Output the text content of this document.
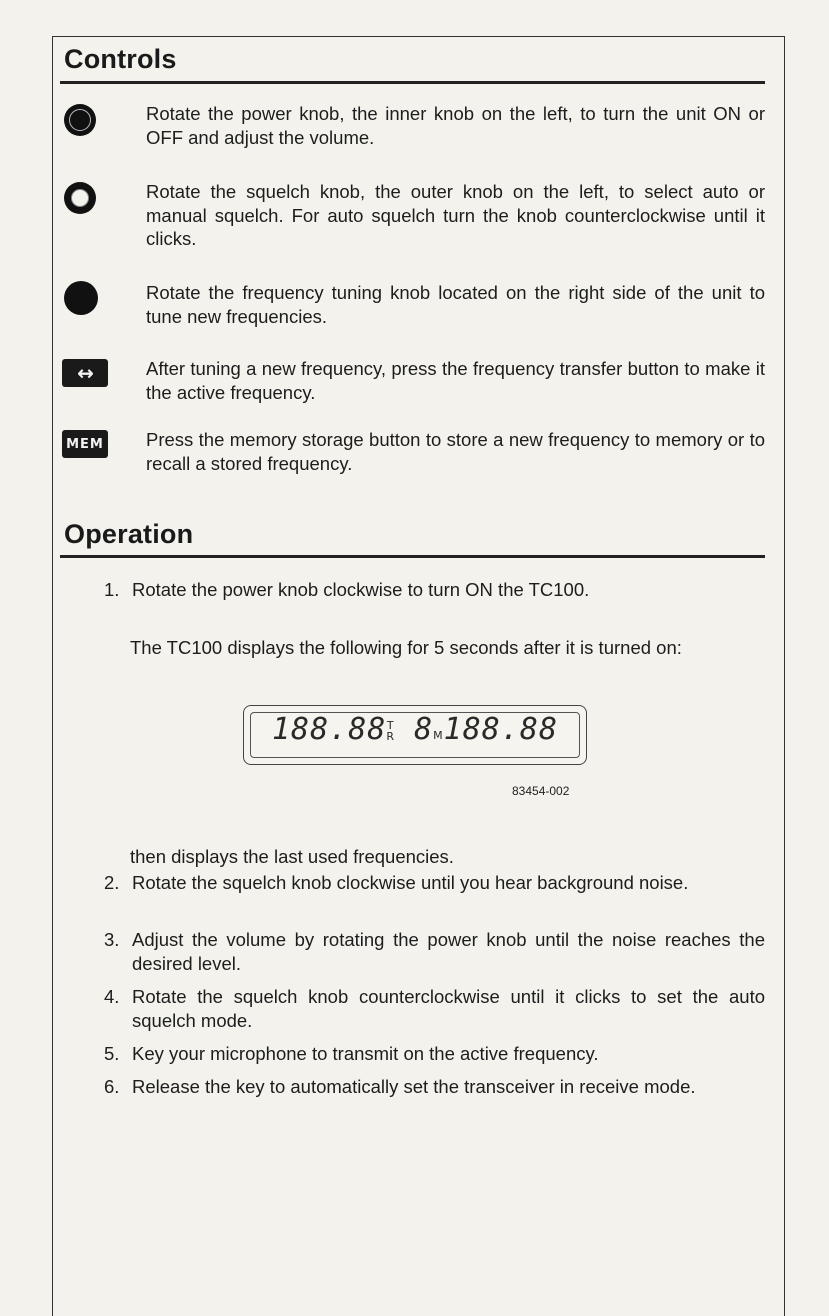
Controls
Rotate the power knob, the inner knob on the left, to turn the unit ON or OFF and adjust the volume.
Rotate the squelch knob, the outer knob on the left, to select auto or manual squelch. For auto squelch turn the knob counterclockwise until it clicks.
Rotate the frequency tuning knob located on the right side of the unit to tune new frequencies.
↔	After tuning a new frequency, press the frequency transfer button to make it the active frequency.
MEM Press the memory storage button to store a new frequency to memory or to recall a stored frequency.
Operation
1. Rotate the power knob clockwise to turn ON the TC100.
The TC100 displays the following for 5 seconds after it is turned on:
188.88T
R 8M188.88
83454-002
then displays the last used frequencies.
2. Rotate the squelch knob clockwise until you hear background noise.
3. Adjust the volume by rotating the power knob until the noise reaches the desired level.
4. Rotate the squelch knob counterclockwise until it clicks to set the auto squelch mode.
5. Key your microphone to transmit on the active frequency.
6. Release the key to automatically set the transceiver in receive mode.
